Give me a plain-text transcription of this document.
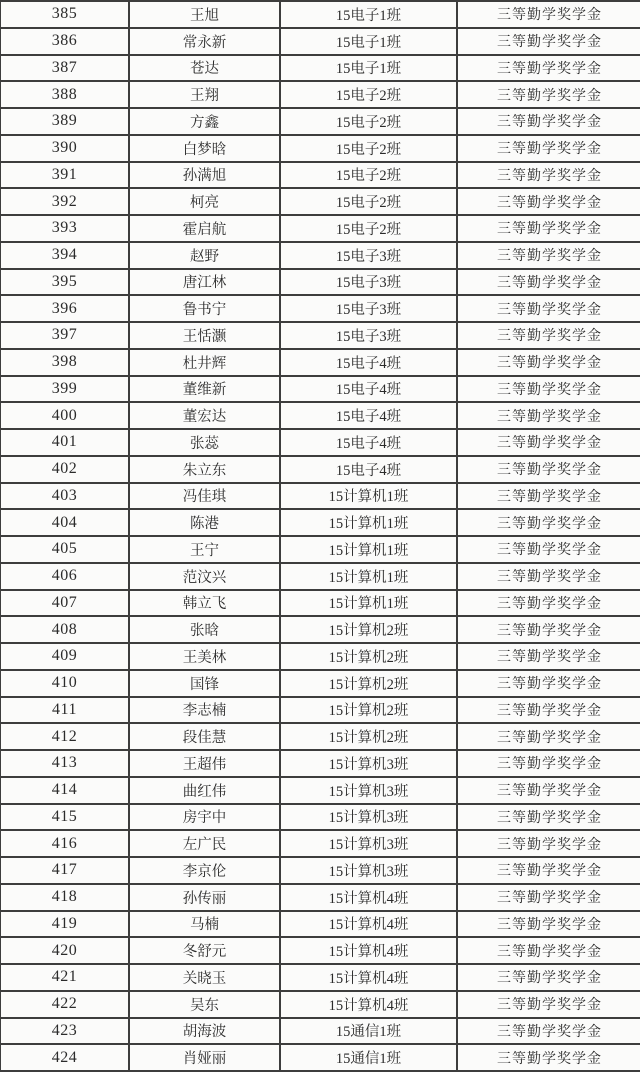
385	王旭	15电子1班	三等勤学奖学金
386	常永新	15电子1班	三等勤学奖学金
387	苍达	15电子1班	三等勤学奖学金
388	王翔	15电子2班	三等勤学奖学金
389	方鑫	15电子2班	三等勤学奖学金
390	白梦晗	15电子2班	三等勤学奖学金
391	孙满旭	15电子2班	三等勤学奖学金
392	柯亮	15电子2班	三等勤学奖学金
393	霍启航	15电子2班	三等勤学奖学金
394	赵野	15电子3班	三等勤学奖学金
395	唐江林	15电子3班	三等勤学奖学金
396	鲁书宁	15电子3班	三等勤学奖学金
397	王恬灏	15电子3班	三等勤学奖学金
398	杜井辉	15电子4班	三等勤学奖学金
399	董维新	15电子4班	三等勤学奖学金
400	董宏达	15电子4班	三等勤学奖学金
401	张蕊	15电子4班	三等勤学奖学金
402	朱立东	15电子4班	三等勤学奖学金
403	冯佳琪	15计算机1班	三等勤学奖学金
404	陈港	15计算机1班	三等勤学奖学金
405	王宁	15计算机1班	三等勤学奖学金
406	范汶兴	15计算机1班	三等勤学奖学金
407	韩立飞	15计算机1班	三等勤学奖学金
408	张晗	15计算机2班	三等勤学奖学金
409	王美林	15计算机2班	三等勤学奖学金
410	国锋	15计算机2班	三等勤学奖学金
411	李志楠	15计算机2班	三等勤学奖学金
412	段佳慧	15计算机2班	三等勤学奖学金
413	王超伟	15计算机3班	三等勤学奖学金
414	曲红伟	15计算机3班	三等勤学奖学金
415	房宇中	15计算机3班	三等勤学奖学金
416	左广民	15计算机3班	三等勤学奖学金
417	李京伦	15计算机3班	三等勤学奖学金
418	孙传丽	15计算机4班	三等勤学奖学金
419	马楠	15计算机4班	三等勤学奖学金
420	冬舒元	15计算机4班	三等勤学奖学金
421	关晓玉	15计算机4班	三等勤学奖学金
422	吴东	15计算机4班	三等勤学奖学金
423	胡海波	15通信1班	三等勤学奖学金
424	肖娅丽	15通信1班	三等勤学奖学金
